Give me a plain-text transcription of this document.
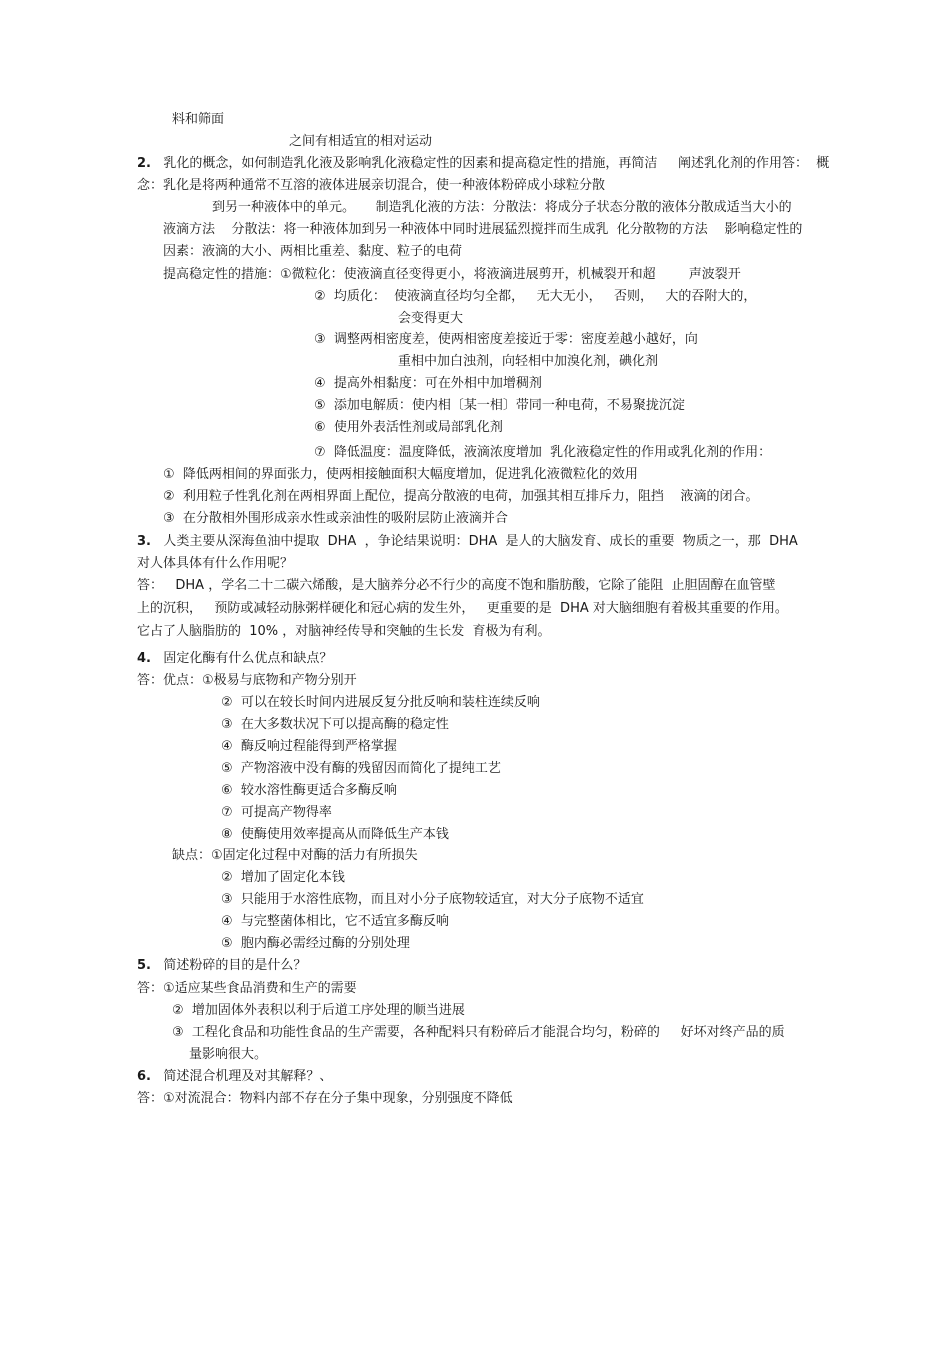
料和筛面
之间有相适宜的相对运动
2.   乳化的概念，如何制造乳化液及影响乳化液稳定性的因素和提高稳定性的措施，再简洁     阐述乳化剂的作用答：  概
念：乳化是将两种通常不互溶的液体进展亲切混合，使一种液体粉碎成小球粒分散
到另一种液体中的单元。     制造乳化液的方法：分散法：将成分子状态分散的液体分散成适当大小的
液滴方法    分散法：将一种液体加到另一种液体中同时进展猛烈搅拌而生成乳  化分散物的方法    影响稳定性的
因素：液滴的大小、两相比重差、黏度、粒子的电荷
提高稳定性的措施：①微粒化：使液滴直径变得更小，将液滴进展剪开，机械裂开和超        声波裂开
②  均质化：  使液滴直径均匀全都，   无大无小，   否则，   大的吞附大的，
会变得更大
③  调整两相密度差，使两相密度差接近于零：密度差越小越好，向
重相中加白浊剂，向轻相中加溴化剂，碘化剂
④  提高外相黏度：可在外相中加增稠剂
⑤  添加电解质：使内相〔某一相〕带同一种电荷，不易聚拢沉淀
⑥  使用外表活性剂或局部乳化剂
⑦  降低温度：温度降低，液滴浓度增加  乳化液稳定性的作用或乳化剂的作用：
①  降低两相间的界面张力，使两相接触面积大幅度增加，促进乳化液微粒化的效用
②  利用粒子性乳化剂在两相界面上配位，提高分散液的电荷，加强其相互排斥力，阻挡    液滴的闭合。
③  在分散相外围形成亲水性或亲油性的吸附层防止液滴并合
3.   人类主要从深海鱼油中提取  DHA  ，争论结果说明：DHA  是人的大脑发育、成长的重要  物质之一，那  DHA
对人体具体有什么作用呢？
答：   DHA ，学名二十二碳六烯酸，是大脑养分必不行少的高度不饱和脂肪酸，它除了能阻  止胆固醇在血管壁
上的沉积，   预防或减轻动脉粥样硬化和冠心病的发生外，   更重要的是  DHA 对大脑细胞有着极其重要的作用。
它占了人脑脂肪的  10% ，对脑神经传导和突触的生长发  育极为有利。
4.   固定化酶有什么优点和缺点？
答：优点：①极易与底物和产物分别开
②  可以在较长时间内进展反复分批反响和装柱连续反响
③  在大多数状况下可以提高酶的稳定性
④  酶反响过程能得到严格掌握
⑤  产物溶液中没有酶的残留因而简化了提纯工艺
⑥  较水溶性酶更适合多酶反响
⑦  可提高产物得率
⑧  使酶使用效率提高从而降低生产本钱
缺点：①固定化过程中对酶的活力有所损失
②  增加了固定化本钱
③  只能用于水溶性底物，而且对小分子底物较适宜，对大分子底物不适宜
④  与完整菌体相比，它不适宜多酶反响
⑤  胞内酶必需经过酶的分别处理
5.   简述粉碎的目的是什么？
答：①适应某些食品消费和生产的需要
②  增加固体外表积以利于后道工序处理的顺当进展
③  工程化食品和功能性食品的生产需要，各种配料只有粉碎后才能混合均匀，粉碎的     好坏对终产品的质
量影响很大。
6.   简述混合机理及对其解释？、
答：①对流混合：物料内部不存在分子集中现象，分别强度不降低
